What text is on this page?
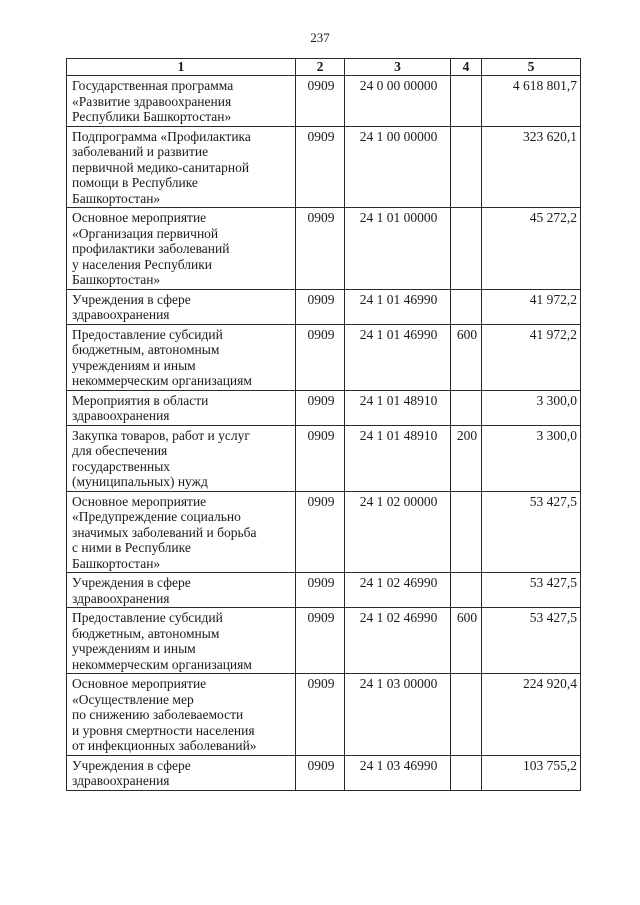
237
1	2	3	4	5
Государственная программа
«Развитие здравоохранения
Республики Башкортостан»	0909	24 0 00 00000		4 618 801,7
Подпрограмма «Профилактика
заболеваний и развитие
первичной медико-санитарной
помощи в Республике
Башкортостан»	0909	24 1 00 00000		323 620,1
Основное мероприятие
«Организация первичной
профилактики заболеваний
у населения Республики
Башкортостан»	0909	24 1 01 00000		45 272,2
Учреждения в сфере
здравоохранения	0909	24 1 01 46990		41 972,2
Предоставление субсидий
бюджетным, автономным
учреждениям и иным
некоммерческим организациям	0909	24 1 01 46990	600	41 972,2
Мероприятия в области
здравоохранения	0909	24 1 01 48910		3 300,0
Закупка товаров, работ и услуг
для обеспечения
государственных
(муниципальных) нужд	0909	24 1 01 48910	200	3 300,0
Основное мероприятие
«Предупреждение социально
значимых заболеваний и борьба
с ними в Республике
Башкортостан»	0909	24 1 02 00000		53 427,5
Учреждения в сфере
здравоохранения	0909	24 1 02 46990		53 427,5
Предоставление субсидий
бюджетным, автономным
учреждениям и иным
некоммерческим организациям	0909	24 1 02 46990	600	53 427,5
Основное мероприятие
«Осуществление мер
по снижению заболеваемости
и уровня смертности населения
от инфекционных заболеваний»	0909	24 1 03 00000		224 920,4
Учреждения в сфере
здравоохранения	0909	24 1 03 46990		103 755,2
